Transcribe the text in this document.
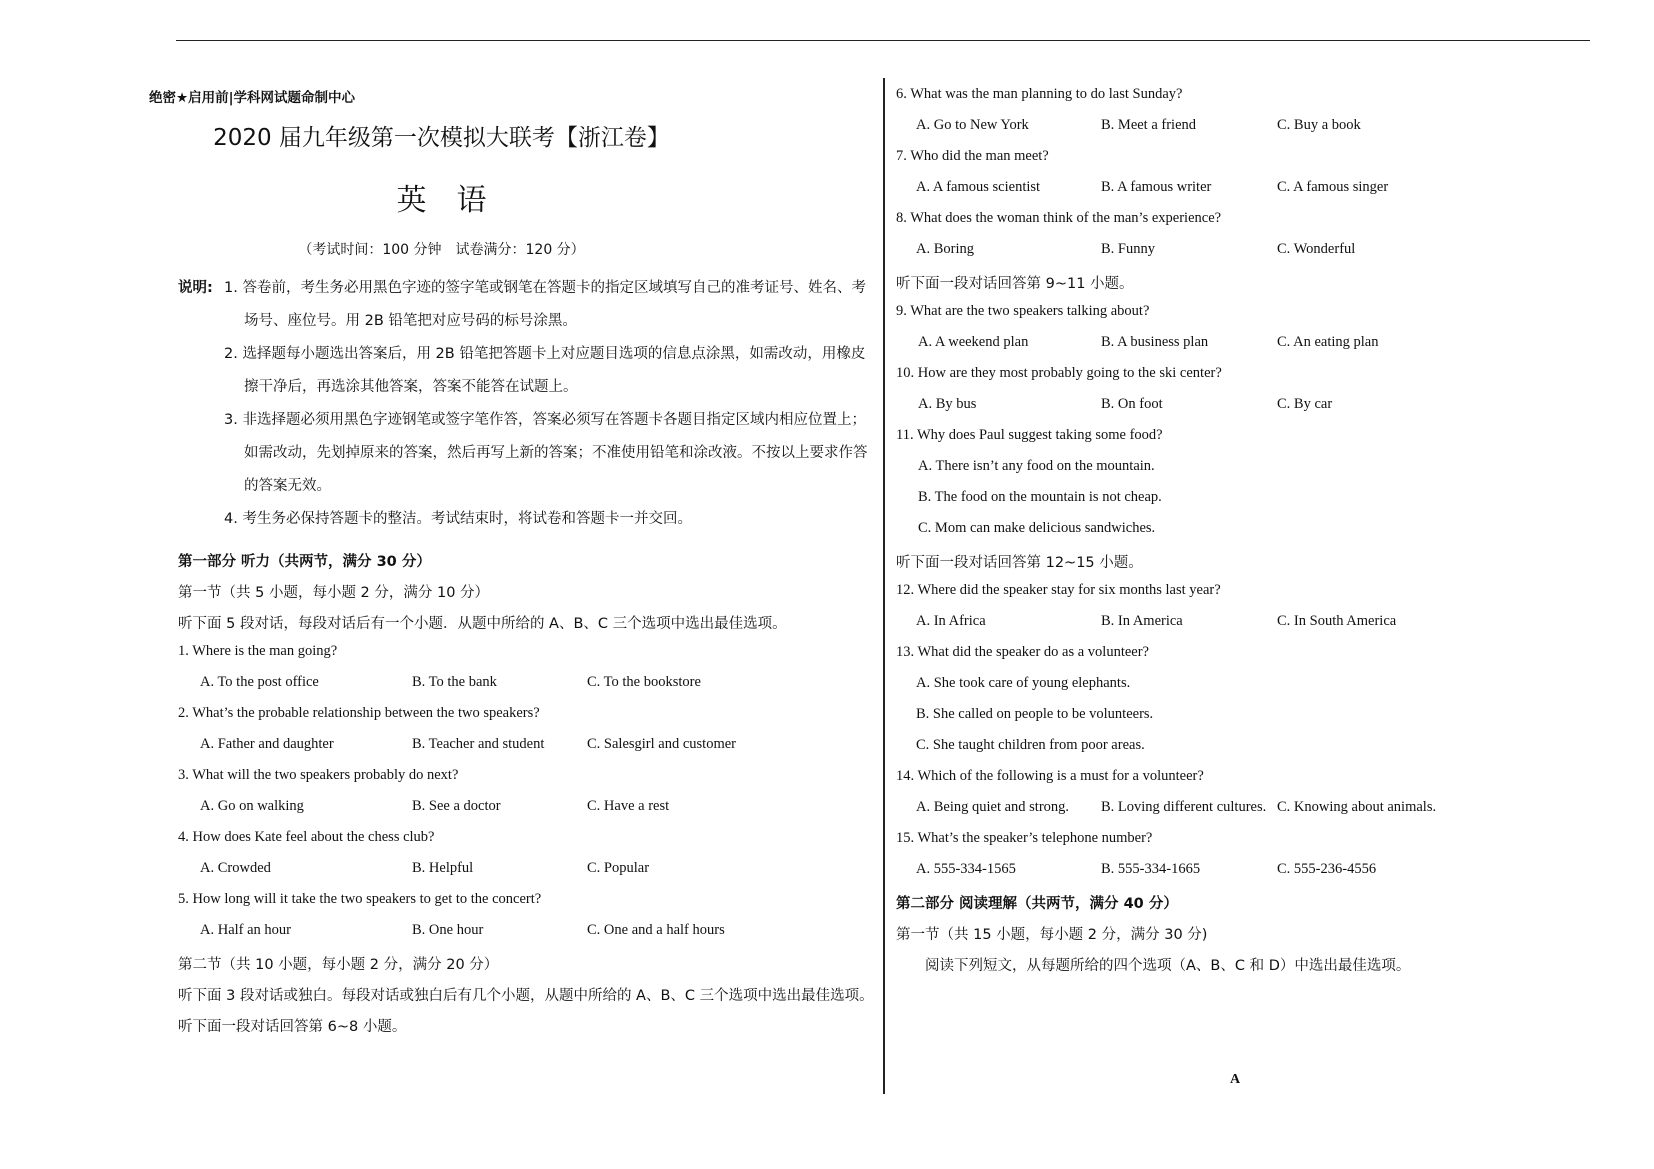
绝密★启用前|学科网试题命制中心
2020 届九年级第一次模拟大联考【浙江卷】
英语
（考试时间：100 分钟　试卷满分：120 分）
说明: 1. 答卷前，考生务必用黑色字迹的签字笔或钢笔在答题卡的指定区域填写自己的准考证号、姓名、考场号、座位号。用 2B 铅笔把对应号码的标号涂黑。
2. 选择题每小题选出答案后，用 2B 铅笔把答题卡上对应题目选项的信息点涂黑，如需改动，用橡皮擦干净后，再选涂其他答案，答案不能答在试题上。
3. 非选择题必须用黑色字迹钢笔或签字笔作答，答案必须写在答题卡各题目指定区域内相应位置上；如需改动，先划掉原来的答案，然后再写上新的答案；不准使用铅笔和涂改液。不按以上要求作答的答案无效。
4. 考生务必保持答题卡的整洁。考试结束时，将试卷和答题卡一并交回。
第一部分 听力（共两节，满分 30 分）
第一节（共 5 小题，每小题 2 分，满分 10 分）
听下面 5 段对话，每段对话后有一个小题．从题中所给的 A、B、C 三个选项中选出最佳选项。
1. Where is the man going?
A. To the post office	B. To the bank	C. To the bookstore
2. What’s the probable relationship between the two speakers?
A. Father and daughter	B. Teacher and student	C. Salesgirl and customer
3. What will the two speakers probably do next?
A. Go on walking	B. See a doctor	C. Have a rest
4. How does Kate feel about the chess club?
A. Crowded	B. Helpful	C. Popular
5. How long will it take the two speakers to get to the concert?
A. Half an hour	B. One hour	C. One and a half hours
第二节（共 10 小题，每小题 2 分，满分 20 分）
听下面 3 段对话或独白。每段对话或独白后有几个小题，从题中所给的 A、B、C 三个选项中选出最佳选项。
听下面一段对话回答第 6~8 小题。
6. What was the man planning to do last Sunday?
A. Go to New York	B. Meet a friend	C. Buy a book
7. Who did the man meet?
A. A famous scientist	B. A famous writer	C. A famous singer
8. What does the woman think of the man’s experience?
A. Boring	B. Funny	C. Wonderful
听下面一段对话回答第 9~11 小题。
9. What are the two speakers talking about?
A. A weekend plan	B. A business plan	C. An eating plan
10. How are they most probably going to the ski center?
A. By bus	B. On foot	C. By car
11. Why does Paul suggest taking some food?
A. There isn’t any food on the mountain.
B. The food on the mountain is not cheap.
C. Mom can make delicious sandwiches.
听下面一段对话回答第 12~15 小题。
12. Where did the speaker stay for six months last year?
A. In Africa	B. In America	C. In South America
13. What did the speaker do as a volunteer?
A. She took care of young elephants.
B. She called on people to be volunteers.
C. She taught children from poor areas.
14. Which of the following is a must for a volunteer?
A. Being quiet and strong. B. Loving different cultures. C. Knowing about animals.
15. What’s the speaker’s telephone number?
A. 555-334-1565	B. 555-334-1665	C. 555-236-4556
第二部分 阅读理解（共两节，满分 40 分）
第一节（共 15 小题，每小题 2 分，满分 30 分)
阅读下列短文，从每题所给的四个选项（A、B、C 和 D）中选出最佳选项。
A
